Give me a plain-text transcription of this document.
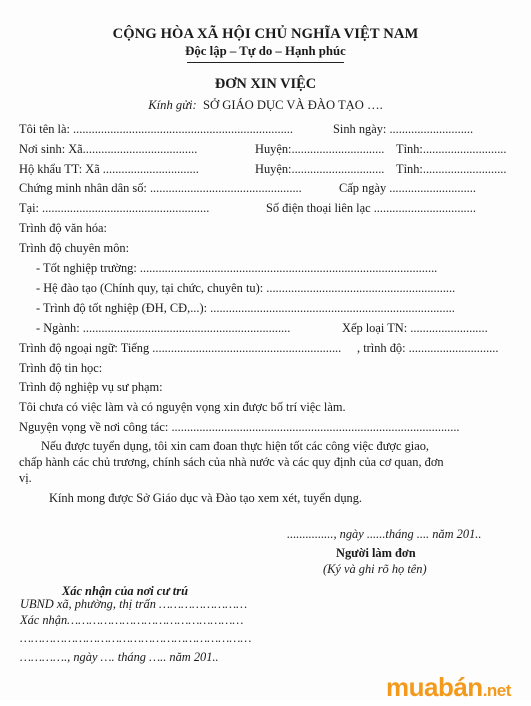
CỘNG HÒA XÃ HỘI CHỦ NGHĨA VIỆT NAM
Độc lập – Tự do – Hạnh phúc
ĐƠN XIN VIỆC
Kính gửi: SỞ GIÁO DỤC VÀ ĐÀO TẠO ….
Tôi tên là: .......................................................................	Sinh ngày: ...........................
Nơi sinh: Xã.....................................	Huyện:.............................. Tỉnh:...........................
Hộ khẩu TT: Xã ...............................	Huyện:.............................. Tỉnh:...........................
Chứng minh nhân dân số: .................................................	Cấp ngày ............................
Tại: ......................................................	Số điện thoại liên lạc .................................
Trình độ văn hóa:
Trình độ chuyên môn:
- Tốt nghiệp trường: ................................................................................................
- Hệ đào tạo (Chính quy, tại chức, chuyên tu): .............................................................
- Trình độ tốt nghiệp (ĐH, CĐ,...): ...............................................................................
- Ngành: ...................................................................	Xếp loại TN: .........................
Trình độ ngoại ngữ: Tiếng ............................................................. , trình độ: .............................
Trình độ tin học:
Trình độ nghiệp vụ sư phạm:
Tôi chưa có việc làm và có nguyện vọng xin được bố trí việc làm.
Nguyện vọng về nơi công tác: .............................................................................................
Nếu được tuyển dụng, tôi xin cam đoan thực hiện tốt các công việc được giao,
chấp hành các chủ trương, chính sách của nhà nước và các quy định của cơ quan, đơn
vị.
Kính mong được Sở Giáo dục và Đào tạo xem xét, tuyển dụng.
..............., ngày ......tháng .... năm 201..
Người làm đơn
(Ký và ghi rõ họ tên)
Xác nhận của nơi cư trú
UBND xã, phường, thị trấn ……………………
Xác nhận…………………………………………
………………………………………………………
…………., ngày …. tháng ….. năm 201..
muabán.net
